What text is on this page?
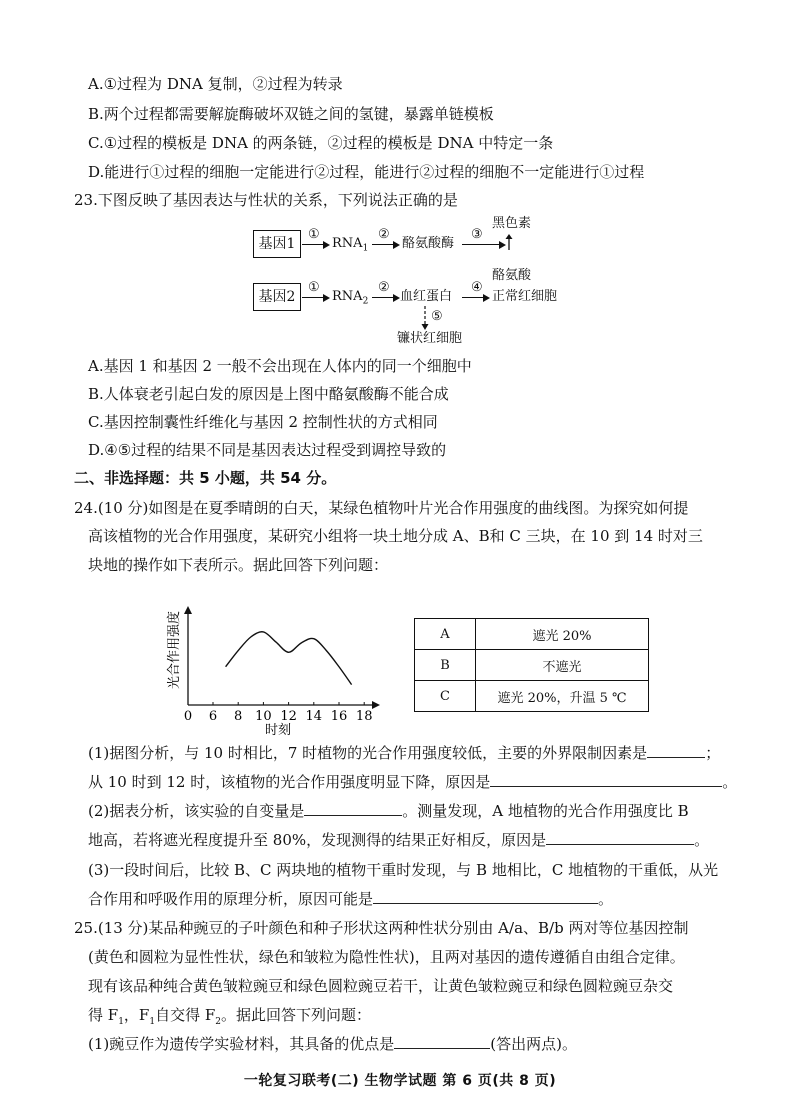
A.①过程为 DNA 复制，②过程为转录
B.两个过程都需要解旋酶破坏双链之间的氢键，暴露单链模板
C.①过程的模板是 DNA 的两条链，②过程的模板是 DNA 中特定一条
D.能进行①过程的细胞一定能进行②过程，能进行②过程的细胞不一定能进行①过程
23.下图反映了基因表达与性状的关系，下列说法正确的是
基因1
①
$RNA_1$
②
酪氨酸酶
③
黑色素
基因2
①
$RNA_2$
②
血红蛋白
④
酪氨酸
正常红细胞
⑤
镰状红细胞
A.基因 1 和基因 2 一般不会出现在人体内的同一个细胞中
B.人体衰老引起白发的原因是上图中酪氨酸酶不能合成
C.基因控制囊性纤维化与基因 2 控制性状的方式相同
D.④⑤过程的结果不同是基因表达过程受到调控导致的
二、非选择题：共 5 小题，共 54 分。
24.(10 分)如图是在夏季晴朗的白天，某绿色植物叶片光合作用强度的曲线图。为探究如何提
高该植物的光合作用强度，某研究小组将一块土地分成 A、B和 C 三块，在 10 到 14 时对三
块地的操作如下表所示。据此回答下列问题：
0 6 8 10 12 14 16 18
时刻
光合作用强度	A	遮光 20%
B	不遮光
C	遮光 20%，升温 5 ℃
(1)据图分析，与 10 时相比，7 时植物的光合作用强度较低，主要的外界限制因素是	；
从 10 时到 12 时，该植物的光合作用强度明显下降，原因是	。
(2)据表分析，该实验的自变量是	。测量发现，A 地植物的光合作用强度比 B
地高，若将遮光程度提升至 80%，发现测得的结果正好相反，原因是	。
(3)一段时间后，比较 B、C 两块地的植物干重时发现，与 B 地相比，C 地植物的干重低，从光
合作用和呼吸作用的原理分析，原因可能是	。
25.(13 分)某品种豌豆的子叶颜色和种子形状这两种性状分别由 A/a、B/b 两对等位基因控制
(黄色和圆粒为显性性状，绿色和皱粒为隐性性状)，且两对基因的遗传遵循自由组合定律。
现有该品种纯合黄色皱粒豌豆和绿色圆粒豌豆若干，让黄色皱粒豌豆和绿色圆粒豌豆杂交
得 $F_1$，$F_1$自交得 $F_2$。据此回答下列问题：
(1)豌豆作为遗传学实验材料，其具备的优点是	(答出两点)。
一轮复习联考(二) 生物学试题 第 6 页(共 8 页)
